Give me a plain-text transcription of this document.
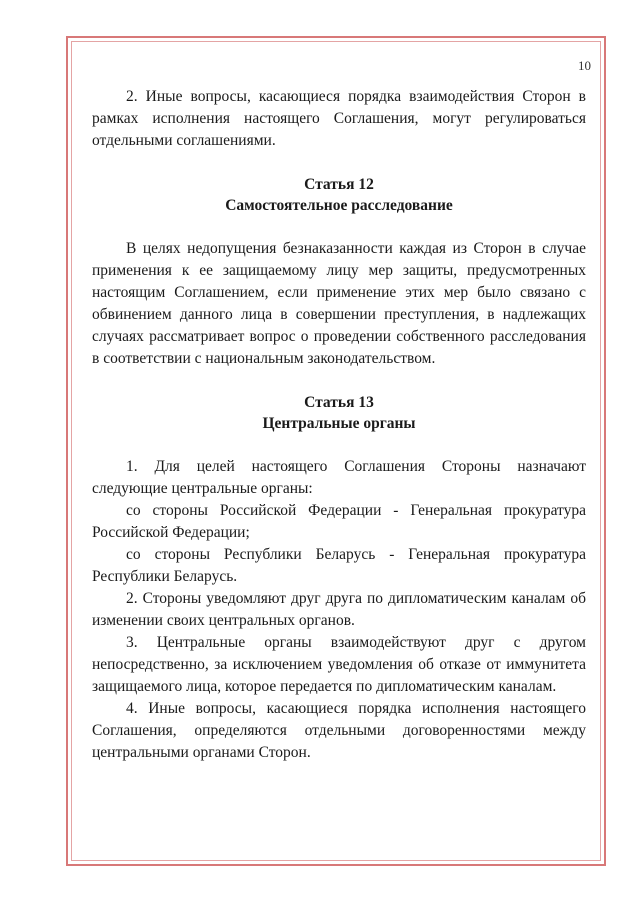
10

2. Иные вопросы, касающиеся порядка взаимодействия Сторон в рамках исполнения настоящего Соглашения, могут регулироваться отдельными соглашениями.

Статья 12

Самостоятельное расследование

В целях недопущения безнаказанности каждая из Сторон в случае применения к ее защищаемому лицу мер защиты, предусмотренных настоящим Соглашением, если применение этих мер было связано с обвинением данного лица в совершении преступления, в надлежащих случаях рассматривает вопрос о проведении собственного расследования в соответствии с национальным законодательством.

Статья 13

Центральные органы

1. Для целей настоящего Соглашения Стороны назначают следующие центральные органы:

со стороны Российской Федерации - Генеральная прокуратура Российской Федерации;

со стороны Республики Беларусь - Генеральная прокуратура Республики Беларусь.

2. Стороны уведомляют друг друга по дипломатическим каналам об изменении своих центральных органов.

3. Центральные органы взаимодействуют друг с другом непосредственно, за исключением уведомления об отказе от иммунитета защищаемого лица, которое передается по дипломатическим каналам.

4. Иные вопросы, касающиеся порядка исполнения настоящего Соглашения, определяются отдельными договоренностями между центральными органами Сторон.
